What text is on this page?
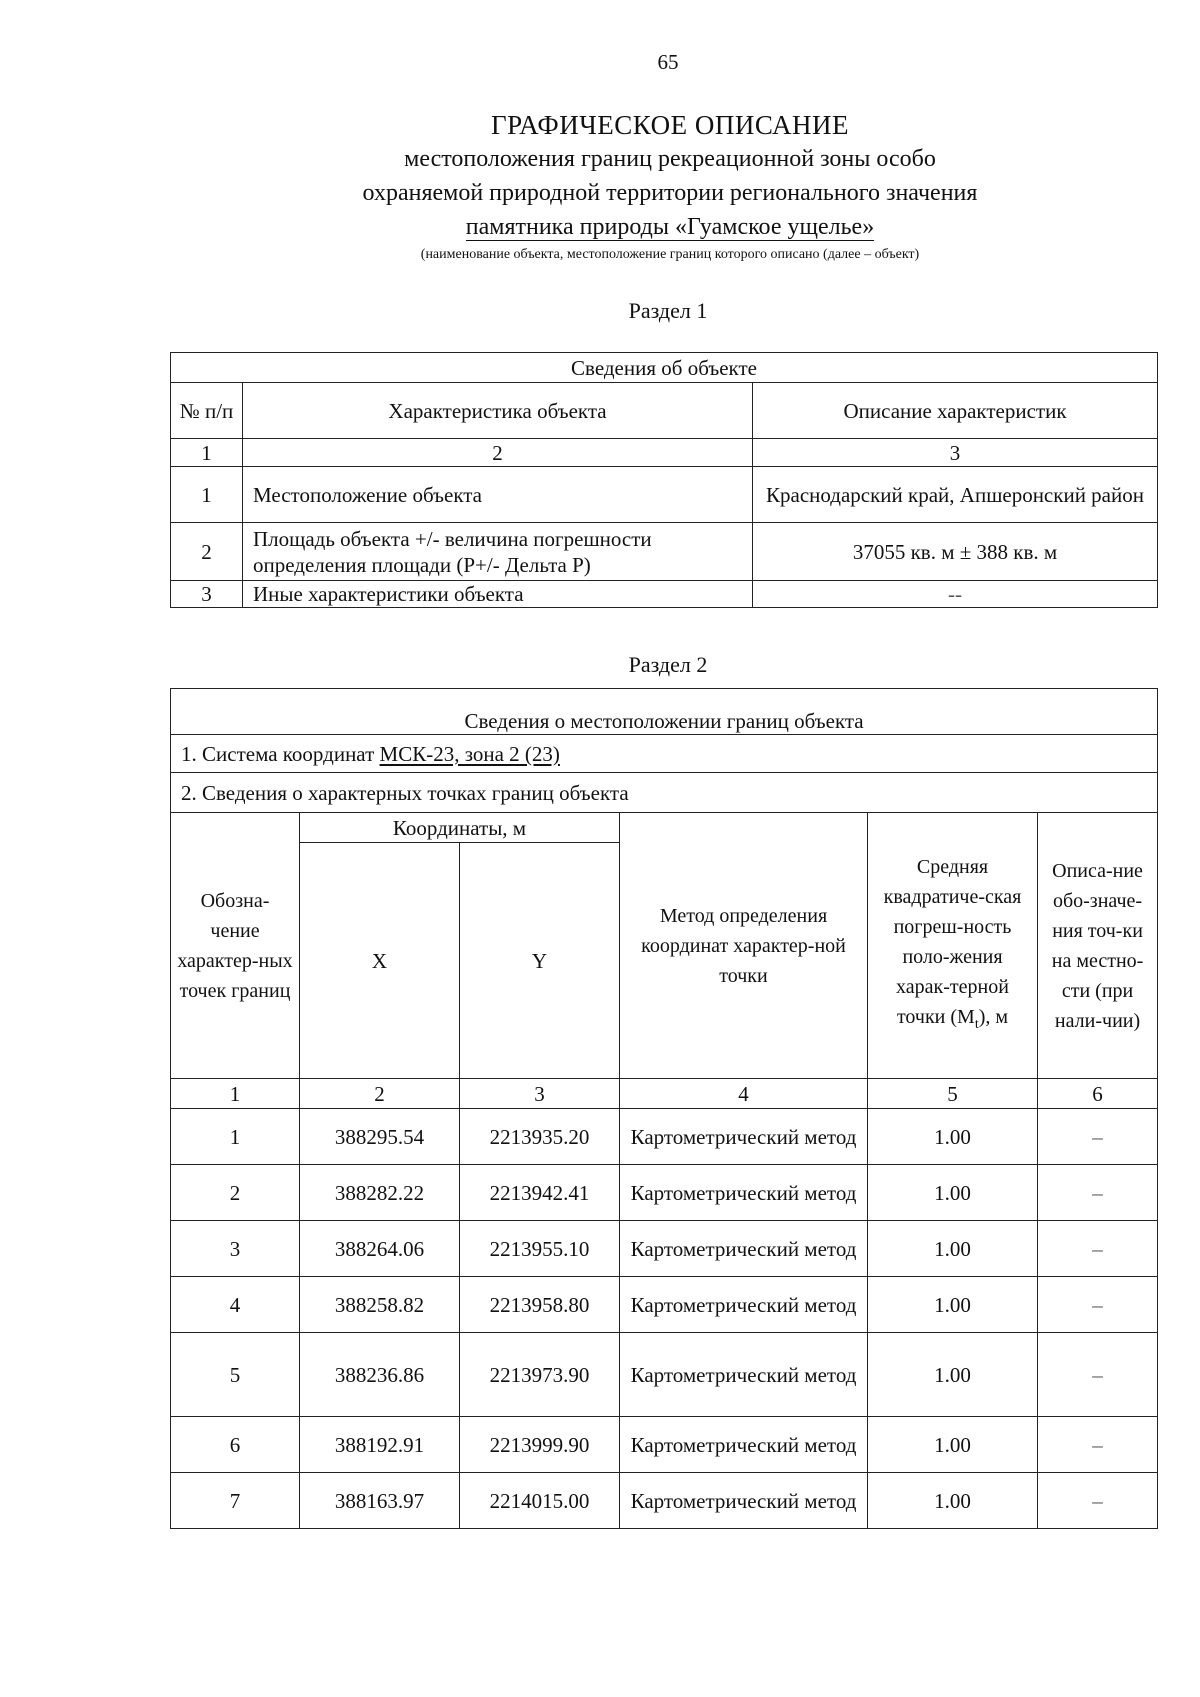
65
ГРАФИЧЕСКОЕ ОПИСАНИЕ
местоположения границ рекреационной зоны особо
охраняемой природной территории регионального значения
памятника природы «Гуамское ущелье»
(наименование объекта, местоположение границ которого описано (далее – объект)
Раздел 1
Сведения об объекте		
№ п/п	Характеристика объекта	Описание характеристик
1	2	3
1	Местоположение объекта	Краснодарский край, Апшеронский район
2	Площадь объекта +/- величина погрешности определения площади (P+/- Дельта P)	37055 кв. м ± 388 кв. м
3	Иные характеристики объекта	--
Раздел 2
Сведения о местоположении границ объекта					
1. Система координат МСК-23, зона 2 (23)					
2. Сведения о характерных точках границ объекта					
Обозна-чение характер-ных точек границ	Координаты, м		Метод определения координат характер-ной точки	Средняя квадратиче-ская погреш-ность поло-жения харак-терной точки $(M_t)$, м	Описа-ние обо-значе-ния точ-ки на местно-сти (при нали-чии)
	X	Y			
1	2	3	4	5	6
1	388295.54	2213935.20	Картометрический метод	1.00	–
2	388282.22	2213942.41	Картометрический метод	1.00	–
3	388264.06	2213955.10	Картометрический метод	1.00	–
4	388258.82	2213958.80	Картометрический метод	1.00	–
5	388236.86	2213973.90	Картометрический метод	1.00	–
6	388192.91	2213999.90	Картометрический метод	1.00	–
7	388163.97	2214015.00	Картометрический метод	1.00	–
